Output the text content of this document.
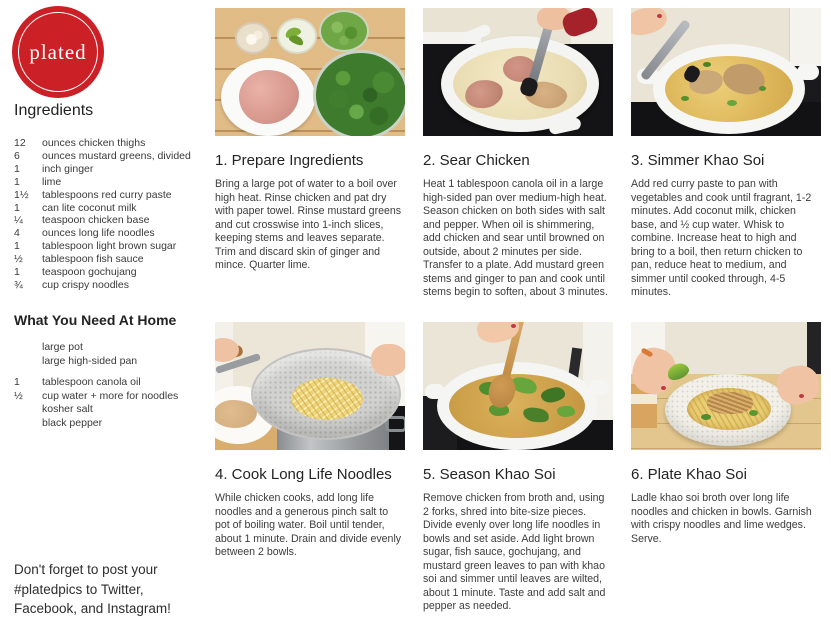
plated
Ingredients
12	ounces chicken thighs
6	ounces mustard greens, divided
1	inch ginger
1	lime
1½	tablespoons red curry paste
1	can lite coconut milk
¼	teaspoon chicken base
4	ounces long life noodles
1	tablespoon light brown sugar
½	tablespoon fish sauce
1	teaspoon gochujang
¾	cup crispy noodles
What You Need At Home
large pot
large high-sided pan
1	tablespoon canola oil
½	cup water + more for noodles
kosher salt
black pepper
Don't forget to post your #platedpics to Twitter, Facebook, and Instagram!
1. Prepare Ingredients
Bring a large pot of water to a boil over high heat. Rinse chicken and pat dry with paper towel. Rinse mustard greens and cut crosswise into 1-inch slices, keeping stems and leaves separate. Trim and discard skin of ginger and mince. Quarter lime.
2. Sear Chicken
Heat 1 tablespoon canola oil in a large high-sided pan over medium-high heat. Season chicken on both sides with salt and pepper. When oil is shimmering, add chicken and sear until browned on outside, about 2 minutes per side. Transfer to a plate. Add mustard green stems and ginger to pan and cook until stems begin to soften, about 3 minutes.
3. Simmer Khao Soi
Add red curry paste to pan with vegetables and cook until fragrant, 1-2 minutes. Add coconut milk, chicken base, and ½ cup water. Whisk to combine. Increase heat to high and bring to a boil, then return chicken to pan, reduce heat to medium, and simmer until cooked through, 4-5 minutes.
4. Cook Long Life Noodles
While chicken cooks, add long life noodles and a generous pinch salt to pot of boiling water. Boil until tender, about 1 minute. Drain and divide evenly between 2 bowls.
5. Season Khao Soi
Remove chicken from broth and, using 2 forks, shred into bite-size pieces. Divide evenly over long life noodles in bowls and set aside. Add light brown sugar, fish sauce, gochujang, and mustard green leaves to pan with khao soi and simmer until leaves are wilted, about 1 minute. Taste and add salt and pepper as needed.
6. Plate Khao Soi
Ladle khao soi broth over long life noodles and chicken in bowls. Garnish with crispy noodles and lime wedges. Serve.
